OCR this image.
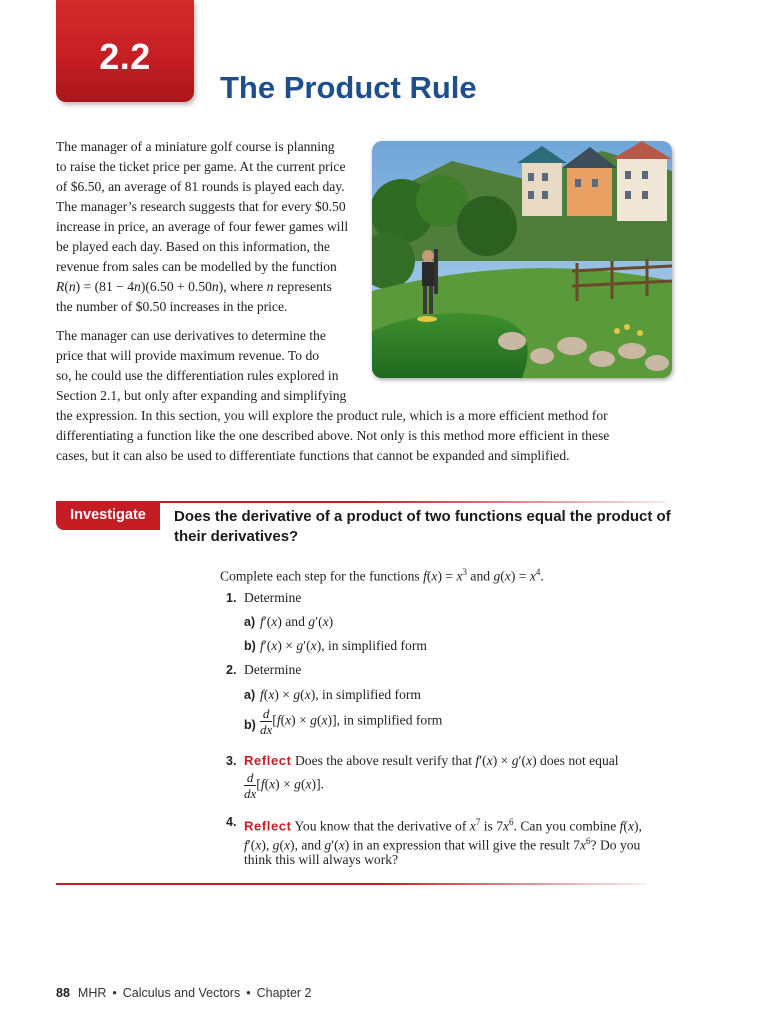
2.2
The Product Rule
The manager of a miniature golf course is planning
to raise the ticket price per game. At the current price
of $6.50, an average of 81 rounds is played each day.
The manager’s research suggests that for every $0.50
increase in price, an average of four fewer games will
be played each day. Based on this information, the
revenue from sales can be modelled by the function
R(n) = (81 − 4n)(6.50 + 0.50n), where n represents
the number of $0.50 increases in the price.
The manager can use derivatives to determine the
price that will provide maximum revenue. To do
so, he could use the differentiation rules explored in
Section 2.1, but only after expanding and simplifying
the expression. In this section, you will explore the product rule, which is a more efficient method for
differentiating a function like the one described above. Not only is this method more efficient in these
cases, but it can also be used to differentiate functions that cannot be expanded and simplified.
Investigate	Does the derivative of a product of two functions equal the product of
their derivatives?
Complete each step for the functions $f(x) = x^3$ and $g(x) = x^4$.
1. Determine
a) f′(x) and g′(x)
b) f′(x) × g′(x), in simplified form
2. Determine
a) f(x) × g(x), in simplified form
$b) \frac{d}{dx} [f(x) \times g(x)]$, in simplified form
3. Reflect Does the above result verify that f′(x) × g′(x) does not equal
$\frac{d}{dx} [f(x) \times g(x)]$.
4. Reflect You know that the derivative of $x^7$ is $7x^6$. Can you combine f(x),
f′(x), g(x), and g′(x) in an expression that will give the result $7x^6$? Do you
think this will always work?
88 MHR • Calculus and Vectors • Chapter 2
